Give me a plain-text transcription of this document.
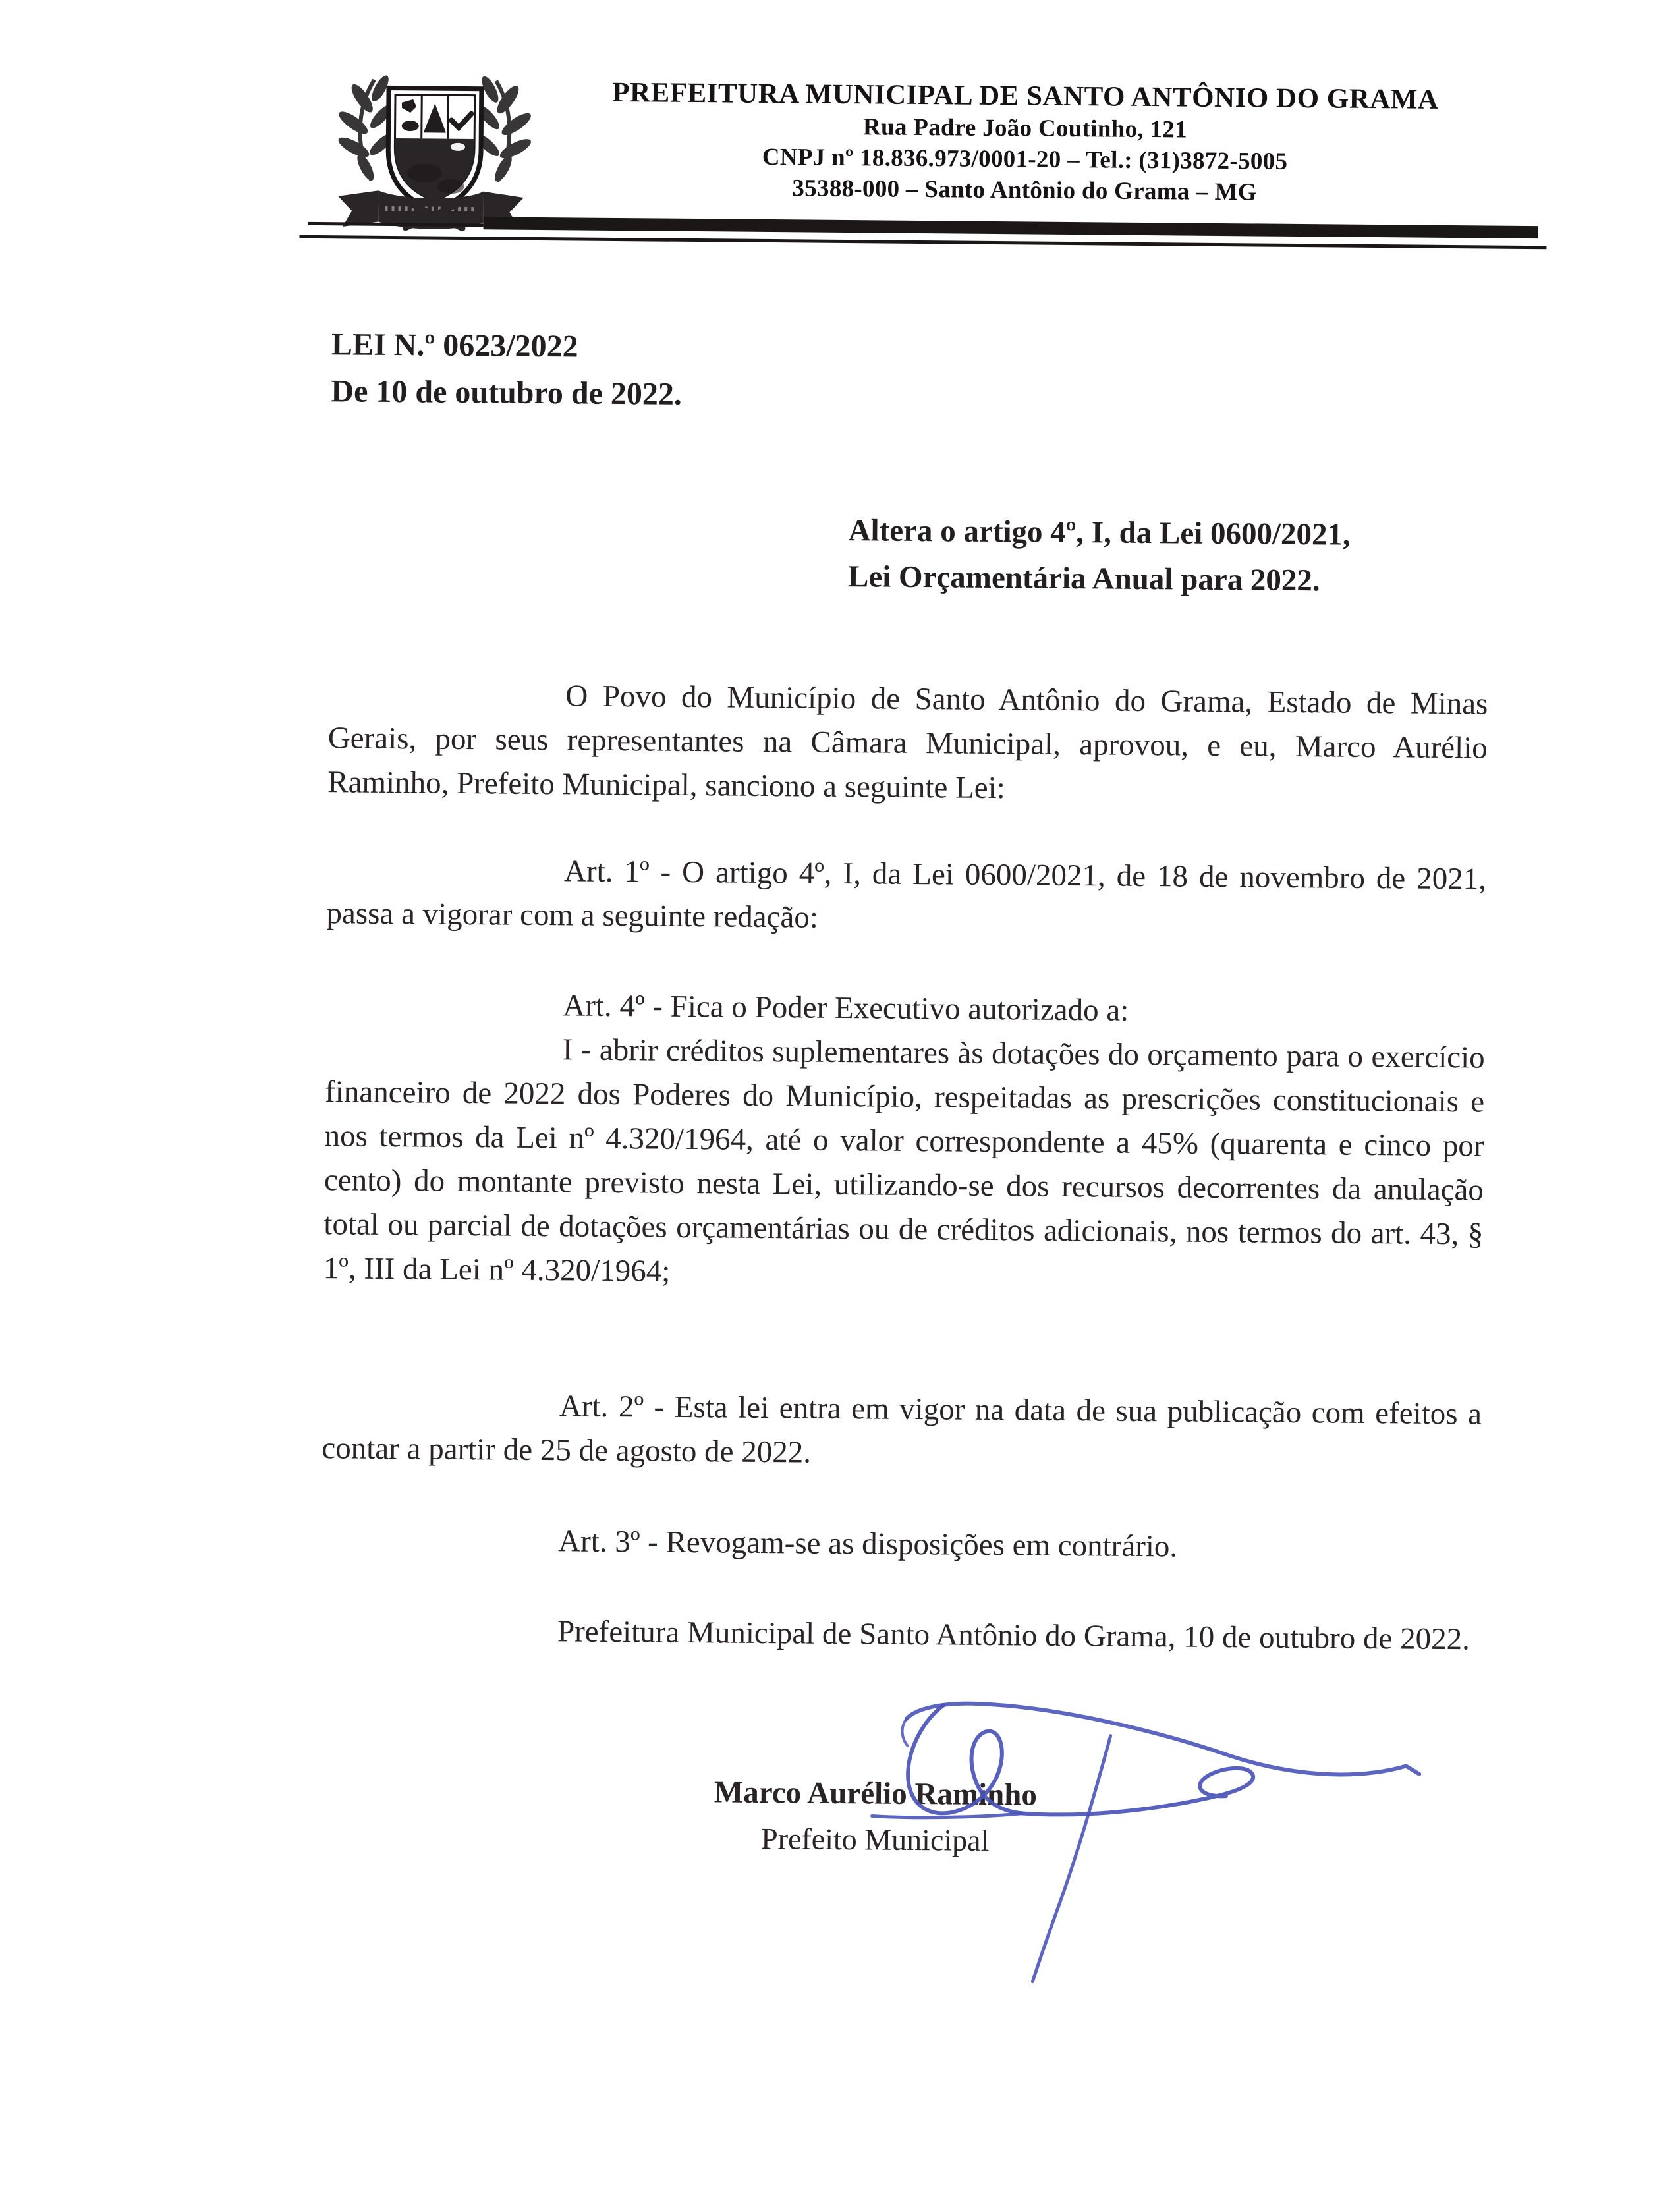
PREFEITURA MUNICIPAL DE SANTO ANTÔNIO DO GRAMA
Rua Padre João Coutinho, 121
CNPJ nº 18.836.973/0001-20 – Tel.: (31)3872-5005
35388-000 – Santo Antônio do Grama – MG
LEI N.º 0623/2022
De 10 de outubro de 2022.
Altera o artigo 4º, I, da Lei 0600/2021,
Lei Orçamentária Anual para 2022.

O Povo do Município de Santo Antônio do Grama, Estado de Minas Gerais, por seus representantes na Câmara Municipal, aprovou, e eu, Marco Aurélio Raminho, Prefeito Municipal, sanciono a seguinte Lei:

Art. 1º - O artigo 4º, I, da Lei 0600/2021, de 18 de novembro de 2021, passa a vigorar com a seguinte redação:

Art. 4º - Fica o Poder Executivo autorizado a:

I - abrir créditos suplementares às dotações do orçamento para o exercício financeiro de 2022 dos Poderes do Município, respeitadas as prescrições constitucionais e nos termos da Lei nº 4.320/1964, até o valor correspondente a 45% (quarenta e cinco por cento) do montante previsto nesta Lei, utilizando-se dos recursos decorrentes da anulação total ou parcial de dotações orçamentárias ou de créditos adicionais, nos termos do art. 43, § 1º, III da Lei nº 4.320/1964;

Art. 2º - Esta lei entra em vigor na data de sua publicação com efeitos a contar a partir de 25 de agosto de 2022.

Art. 3º - Revogam-se as disposições em contrário.

Prefeitura Municipal de Santo Antônio do Grama, 10 de outubro de 2022.

Marco Aurélio Raminho
Prefeito Municipal
